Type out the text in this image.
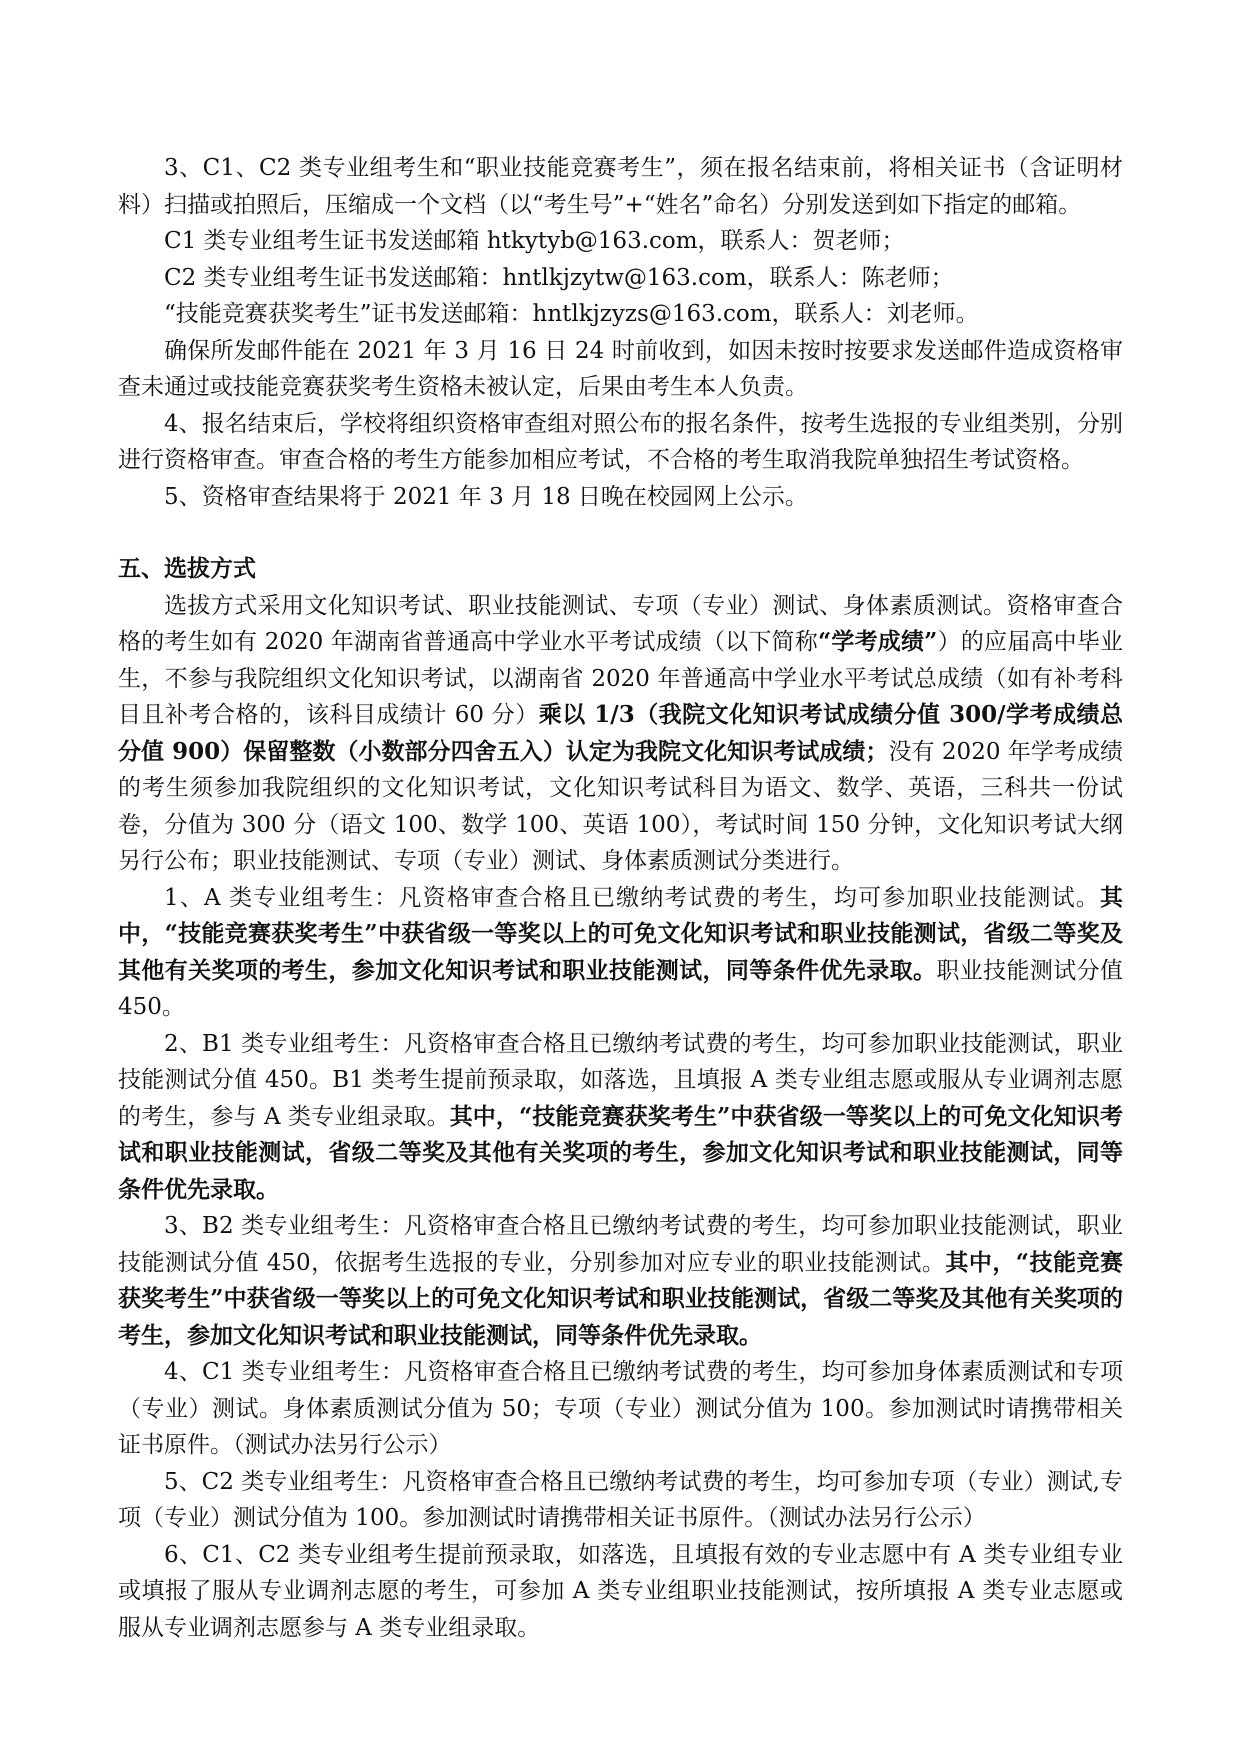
3、C1、C2 类专业组考生和“职业技能竞赛考生”，须在报名结束前，将相关证书（含证明材料）扫描或拍照后，压缩成一个文档（以“考生号”+“姓名”命名）分别发送到如下指定的邮箱。

C1 类专业组考生证书发送邮箱 htkytyb@163.com，联系人：贺老师；

C2 类专业组考生证书发送邮箱：hntlkjzytw@163.com，联系人：陈老师；

“技能竞赛获奖考生”证书发送邮箱：hntlkjzyzs@163.com，联系人：刘老师。

确保所发邮件能在 2021 年 3 月 16 日 24 时前收到，如因未按时按要求发送邮件造成资格审查未通过或技能竞赛获奖考生资格未被认定，后果由考生本人负责。

4、报名结束后，学校将组织资格审查组对照公布的报名条件，按考生选报的专业组类别，分别进行资格审查。审查合格的考生方能参加相应考试，不合格的考生取消我院单独招生考试资格。

5、资格审查结果将于 2021 年 3 月 18 日晚在校园网上公示。

五、选拔方式

选拔方式采用文化知识考试、职业技能测试、专项（专业）测试、身体素质测试。资格审查合格的考生如有 2020 年湖南省普通高中学业水平考试成绩（以下简称“学考成绩”）的应届高中毕业生，不参与我院组织文化知识考试，以湖南省 2020 年普通高中学业水平考试总成绩（如有补考科目且补考合格的，该科目成绩计 60 分）乘以 1/3（我院文化知识考试成绩分值 300/学考成绩总分值 900）保留整数（小数部分四舍五入）认定为我院文化知识考试成绩；没有 2020 年学考成绩的考生须参加我院组织的文化知识考试，文化知识考试科目为语文、数学、英语，三科共一份试卷，分值为 300 分（语文 100、数学 100、英语 100），考试时间 150 分钟，文化知识考试大纲另行公布；职业技能测试、专项（专业）测试、身体素质测试分类进行。

1、A 类专业组考生：凡资格审查合格且已缴纳考试费的考生，均可参加职业技能测试。其中，“技能竞赛获奖考生”中获省级一等奖以上的可免文化知识考试和职业技能测试，省级二等奖及其他有关奖项的考生，参加文化知识考试和职业技能测试，同等条件优先录取。职业技能测试分值 450。

2、B1 类专业组考生：凡资格审查合格且已缴纳考试费的考生，均可参加职业技能测试，职业技能测试分值 450。B1 类考生提前预录取，如落选，且填报 A 类专业组志愿或服从专业调剂志愿的考生，参与 A 类专业组录取。其中，“技能竞赛获奖考生”中获省级一等奖以上的可免文化知识考试和职业技能测试，省级二等奖及其他有关奖项的考生，参加文化知识考试和职业技能测试，同等条件优先录取。

3、B2 类专业组考生：凡资格审查合格且已缴纳考试费的考生，均可参加职业技能测试，职业技能测试分值 450，依据考生选报的专业，分别参加对应专业的职业技能测试。其中，“技能竞赛获奖考生”中获省级一等奖以上的可免文化知识考试和职业技能测试，省级二等奖及其他有关奖项的考生，参加文化知识考试和职业技能测试，同等条件优先录取。

4、C1 类专业组考生：凡资格审查合格且已缴纳考试费的考生，均可参加身体素质测试和专项（专业）测试。身体素质测试分值为 50；专项（专业）测试分值为 100。参加测试时请携带相关证书原件。（测试办法另行公示）

5、C2 类专业组考生：凡资格审查合格且已缴纳考试费的考生，均可参加专项（专业）测试,专项（专业）测试分值为 100。参加测试时请携带相关证书原件。（测试办法另行公示）

6、C1、C2 类专业组考生提前预录取，如落选，且填报有效的专业志愿中有 A 类专业组专业或填报了服从专业调剂志愿的考生，可参加 A 类专业组职业技能测试，按所填报 A 类专业志愿或服从专业调剂志愿参与 A 类专业组录取。
